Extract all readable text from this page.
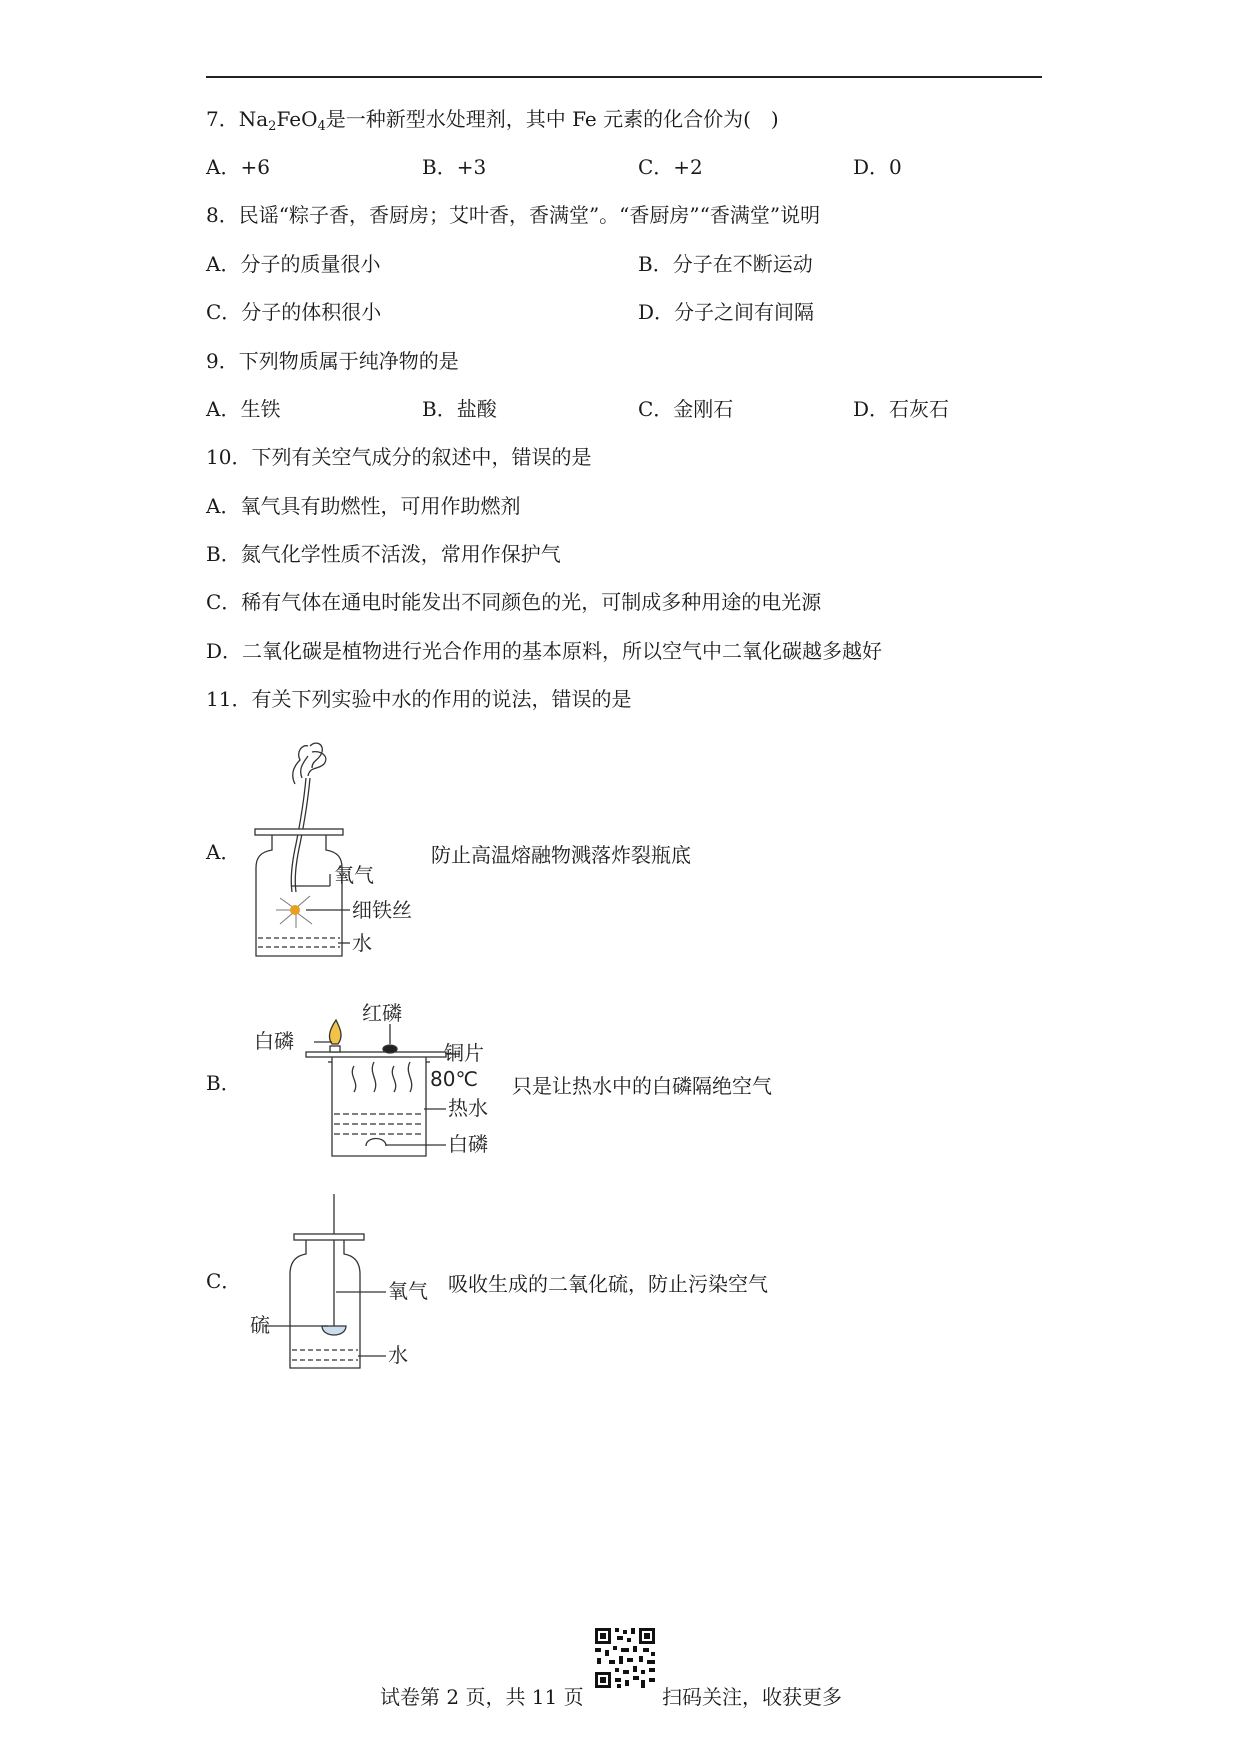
7．$Na_2FeO_4$是一种新型水处理剂，其中 Fe 元素的化合价为(　)
A．+6	B．+3	C．+2	D．0
8．民谣“粽子香，香厨房；艾叶香，香满堂”。“香厨房”“香满堂”说明
A．分子的质量很小	B．分子在不断运动
C．分子的体积很小	D．分子之间有间隔
9．下列物质属于纯净物的是
A．生铁	B．盐酸	C．金刚石	D．石灰石
10．下列有关空气成分的叙述中，错误的是
A．氧气具有助燃性，可用作助燃剂
B．氮气化学性质不活泼，常用作保护气
C．稀有气体在通电时能发出不同颜色的光，可制成多种用途的电光源
D．二氧化碳是植物进行光合作用的基本原料，所以空气中二氧化碳越多越好
11．有关下列实验中水的作用的说法，错误的是
A．
氧气
细铁丝
水
防止高温熔融物溅落炸裂瓶底
B．
红磷
白磷	铜片
80℃
热水
白磷
只是让热水中的白磷隔绝空气
C．	氧气
硫
水
吸收生成的二氧化硫，防止污染空气
试卷第 2 页，共 11 页	扫码关注，收获更多
